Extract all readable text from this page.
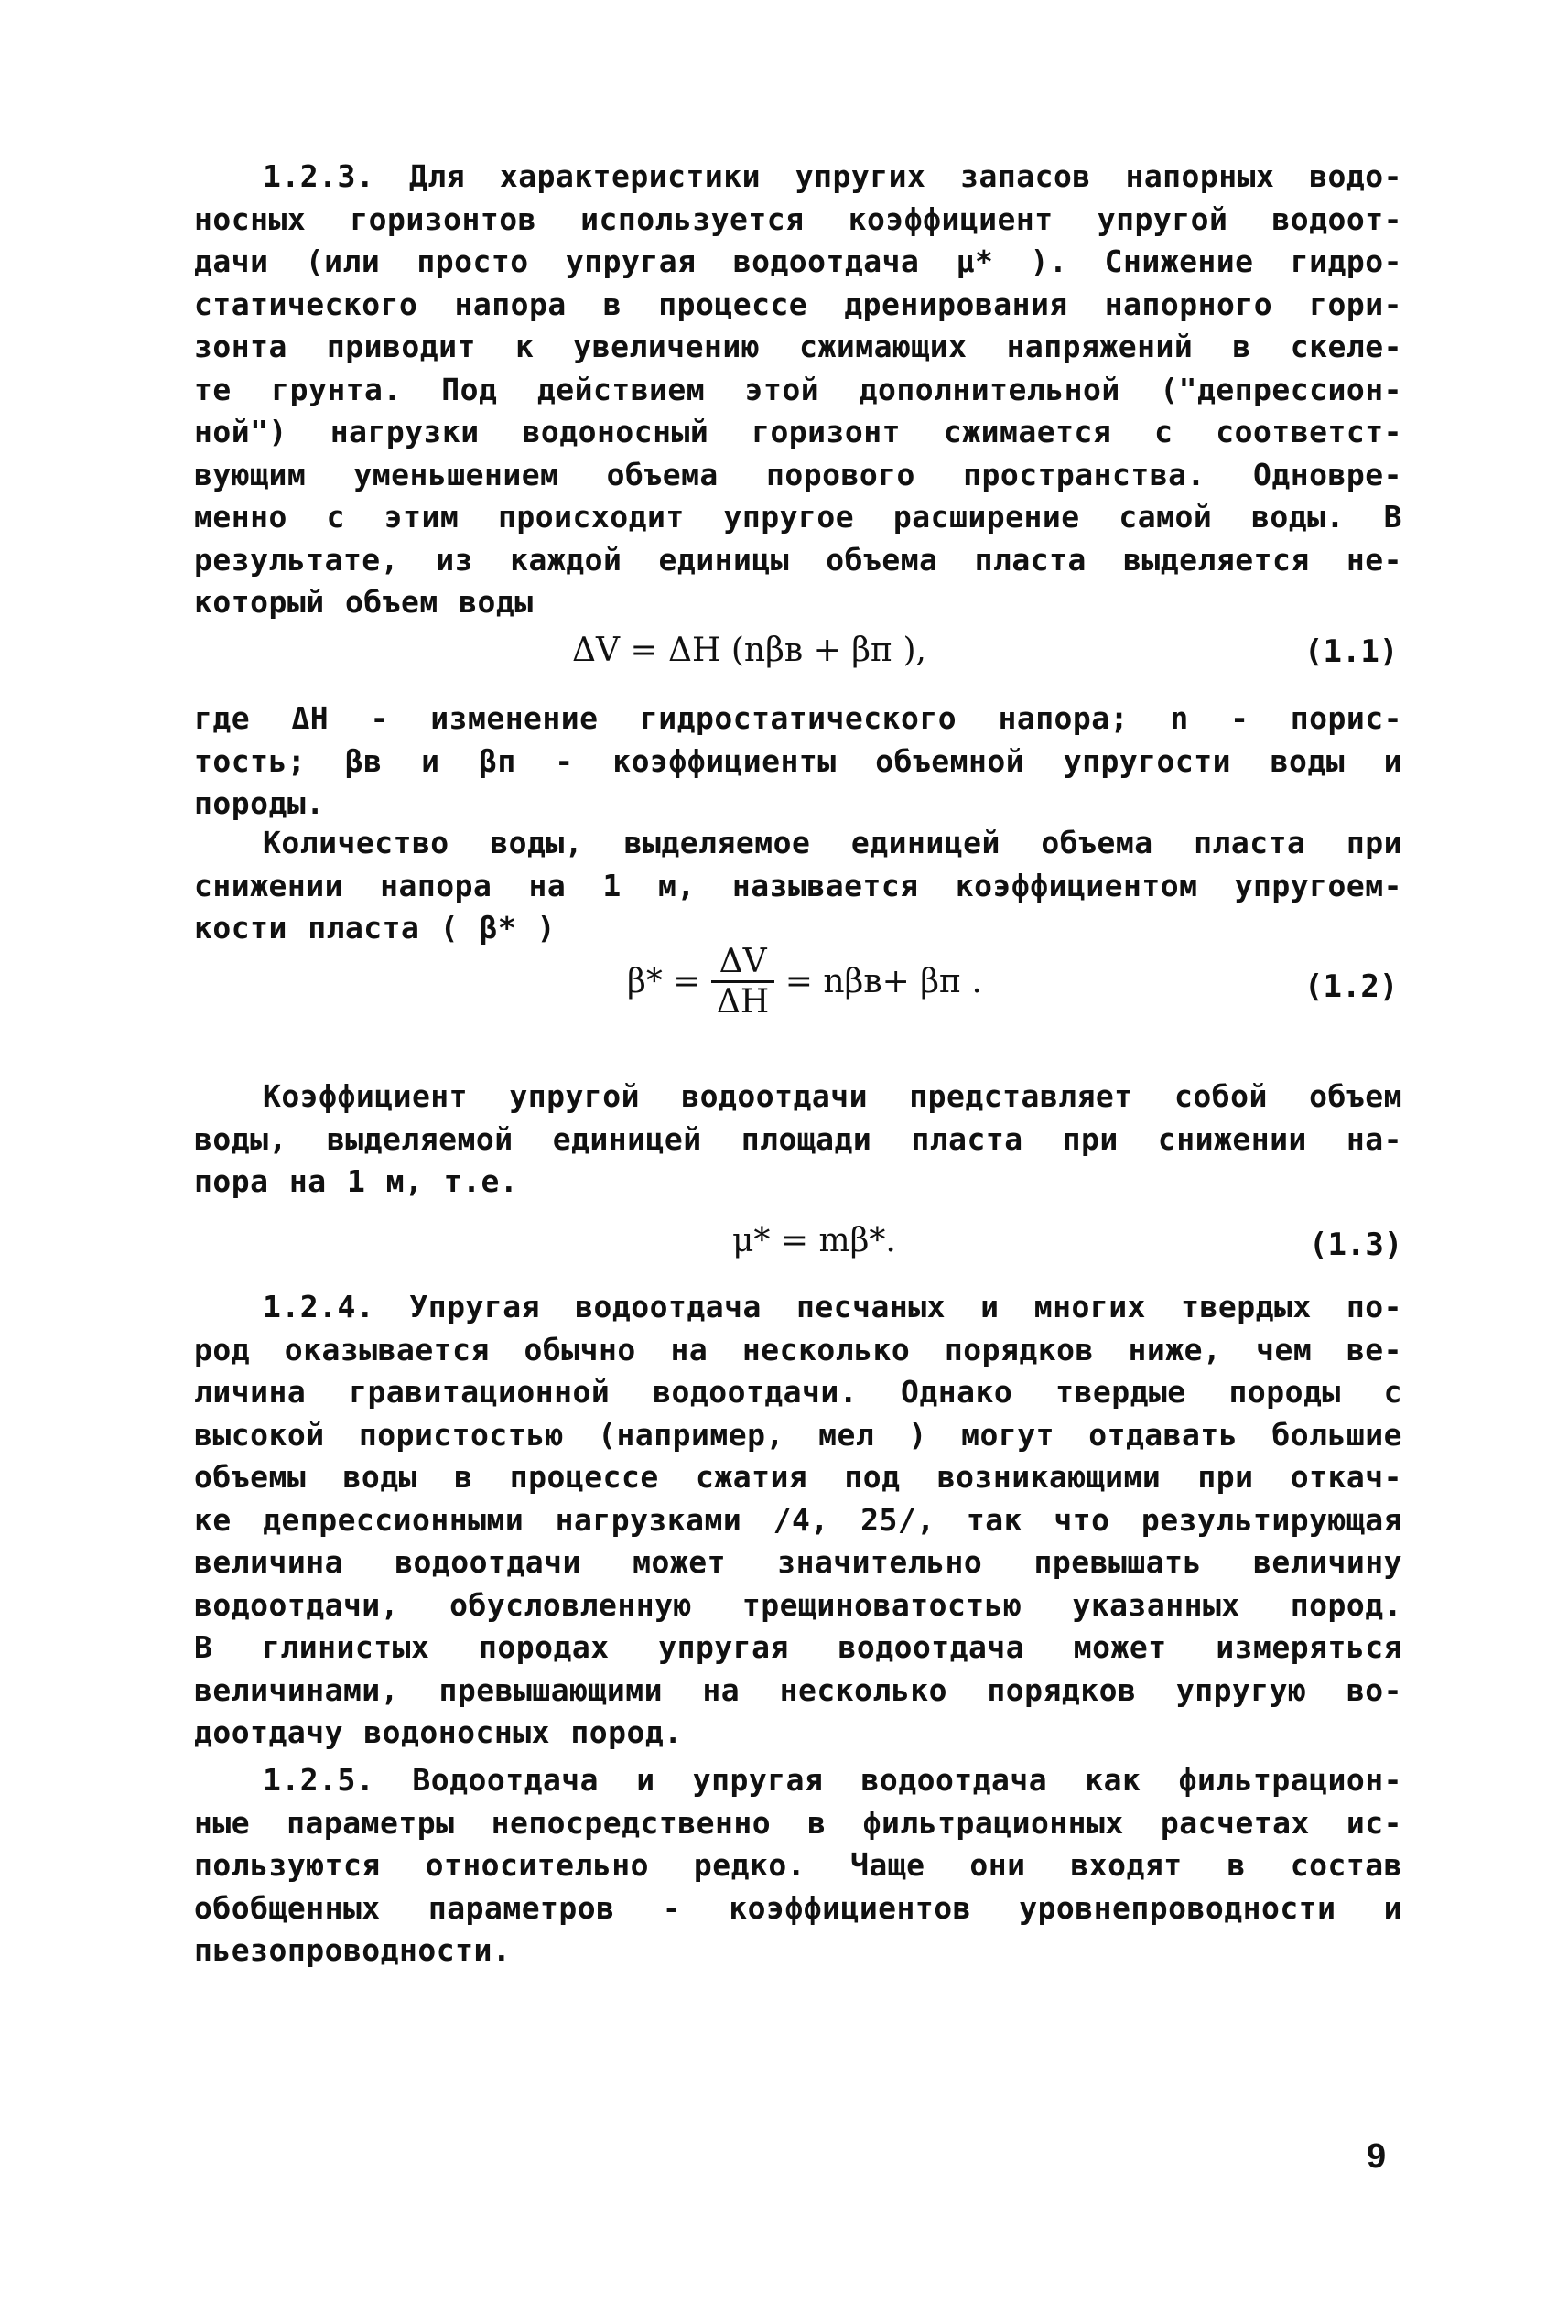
1.2.3. Для характеристики упругих запасов напорных водо-
носных горизонтов используется коэффициент упругой водоот-
дачи (или просто упругая водоотдача μ* ). Снижение гидро-
статического напора в процессе дренирования напорного гори-
зонта приводит к увеличению сжимающих напряжений в скеле-
те грунта. Под действием этой дополнительной ("депрессион-
ной") нагрузки водоносный горизонт сжимается с соответст-
вующим уменьшением объема порового пространства. Одновре-
менно с этим происходит упругое расширение самой воды. В
результате, из каждой единицы объема пласта выделяется не-
который объем воды
ΔV = ΔH (nβв + βп ),	(1.1)
где ΔH - изменение гидростатического напора; n - порис-
тость; βв и βп - коэффициенты объемной упругости воды и
породы.
Количество воды, выделяемое единицей объема пласта при
снижении напора на 1 м, называется коэффициентом упругоем-
кости пласта ( β* )
$\beta* = \frac{\Delta V}{\Delta H} = n\beta в+ \beta п$ .	(1.2)
Коэффициент упругой водоотдачи представляет собой объем
воды, выделяемой единицей площади пласта при снижении на-
пора на 1 м, т.е.
μ* = mβ*.	(1.3)
1.2.4. Упругая водоотдача песчаных и многих твердых по-
род оказывается обычно на несколько порядков ниже, чем ве-
личина гравитационной водоотдачи. Однако твердые породы с
высокой пористостью (например, мел ) могут отдавать большие
объемы воды в процессе сжатия под возникающими при откач-
ке депрессионными нагрузками /4, 25/, так что результирующая
величина водоотдачи может значительно превышать величину
водоотдачи, обусловленную трещиноватостью указанных пород.
В глинистых породах упругая водоотдача может измеряться
величинами, превышающими на несколько порядков упругую во-
доотдачу водоносных пород.
1.2.5. Водоотдача и упругая водоотдача как фильтрацион-
ные параметры непосредственно в фильтрационных расчетах ис-
пользуются относительно редко. Чаще они входят в состав
обобщенных параметров - коэффициентов уровнепроводности и
пьезопроводности.
9
